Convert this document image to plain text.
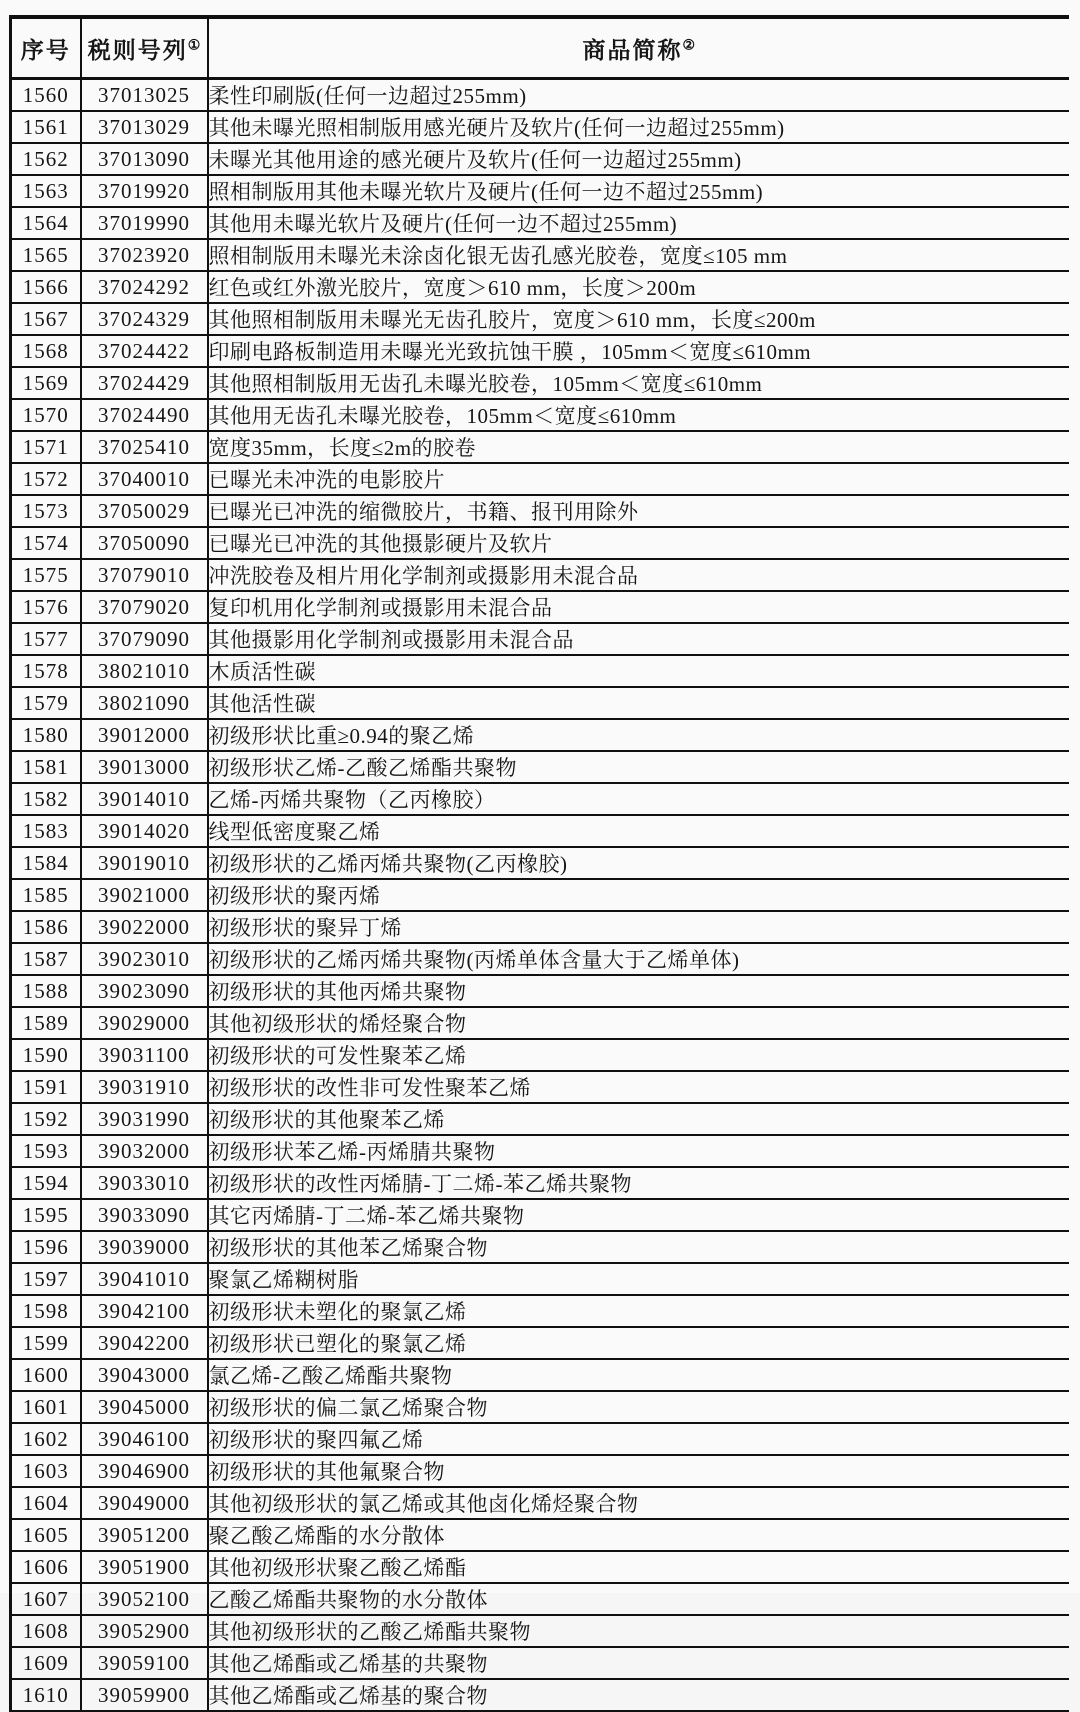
序号	税则号列①	商品简称②
1560	37013025	柔性印刷版(任何一边超过255mm)
1561	37013029	其他未曝光照相制版用感光硬片及软片(任何一边超过255mm)
1562	37013090	未曝光其他用途的感光硬片及软片(任何一边超过255mm)
1563	37019920	照相制版用其他未曝光软片及硬片(任何一边不超过255mm)
1564	37019990	其他用未曝光软片及硬片(任何一边不超过255mm)
1565	37023920	照相制版用未曝光未涂卤化银无齿孔感光胶卷，宽度≤105 mm
1566	37024292	红色或红外激光胶片，宽度＞610 mm，长度＞200m
1567	37024329	其他照相制版用未曝光无齿孔胶片，宽度＞610 mm，长度≤200m
1568	37024422	印刷电路板制造用未曝光光致抗蚀干膜 ，105mm＜宽度≤610mm
1569	37024429	其他照相制版用无齿孔未曝光胶卷，105mm＜宽度≤610mm
1570	37024490	其他用无齿孔未曝光胶卷，105mm＜宽度≤610mm
1571	37025410	宽度35mm，长度≤2m的胶卷
1572	37040010	已曝光未冲洗的电影胶片
1573	37050029	已曝光已冲洗的缩微胶片，书籍、报刊用除外
1574	37050090	已曝光已冲洗的其他摄影硬片及软片
1575	37079010	冲洗胶卷及相片用化学制剂或摄影用未混合品
1576	37079020	复印机用化学制剂或摄影用未混合品
1577	37079090	其他摄影用化学制剂或摄影用未混合品
1578	38021010	木质活性碳
1579	38021090	其他活性碳
1580	39012000	初级形状比重≥0.94的聚乙烯
1581	39013000	初级形状乙烯-乙酸乙烯酯共聚物
1582	39014010	乙烯-丙烯共聚物（乙丙橡胶）
1583	39014020	线型低密度聚乙烯
1584	39019010	初级形状的乙烯丙烯共聚物(乙丙橡胶)
1585	39021000	初级形状的聚丙烯
1586	39022000	初级形状的聚异丁烯
1587	39023010	初级形状的乙烯丙烯共聚物(丙烯单体含量大于乙烯单体)
1588	39023090	初级形状的其他丙烯共聚物
1589	39029000	其他初级形状的烯烃聚合物
1590	39031100	初级形状的可发性聚苯乙烯
1591	39031910	初级形状的改性非可发性聚苯乙烯
1592	39031990	初级形状的其他聚苯乙烯
1593	39032000	初级形状苯乙烯-丙烯腈共聚物
1594	39033010	初级形状的改性丙烯腈-丁二烯-苯乙烯共聚物
1595	39033090	其它丙烯腈-丁二烯-苯乙烯共聚物
1596	39039000	初级形状的其他苯乙烯聚合物
1597	39041010	聚氯乙烯糊树脂
1598	39042100	初级形状未塑化的聚氯乙烯
1599	39042200	初级形状已塑化的聚氯乙烯
1600	39043000	氯乙烯-乙酸乙烯酯共聚物
1601	39045000	初级形状的偏二氯乙烯聚合物
1602	39046100	初级形状的聚四氟乙烯
1603	39046900	初级形状的其他氟聚合物
1604	39049000	其他初级形状的氯乙烯或其他卤化烯烃聚合物
1605	39051200	聚乙酸乙烯酯的水分散体
1606	39051900	其他初级形状聚乙酸乙烯酯
1607	39052100	乙酸乙烯酯共聚物的水分散体
1608	39052900	其他初级形状的乙酸乙烯酯共聚物
1609	39059100	其他乙烯酯或乙烯基的共聚物
1610	39059900	其他乙烯酯或乙烯基的聚合物
